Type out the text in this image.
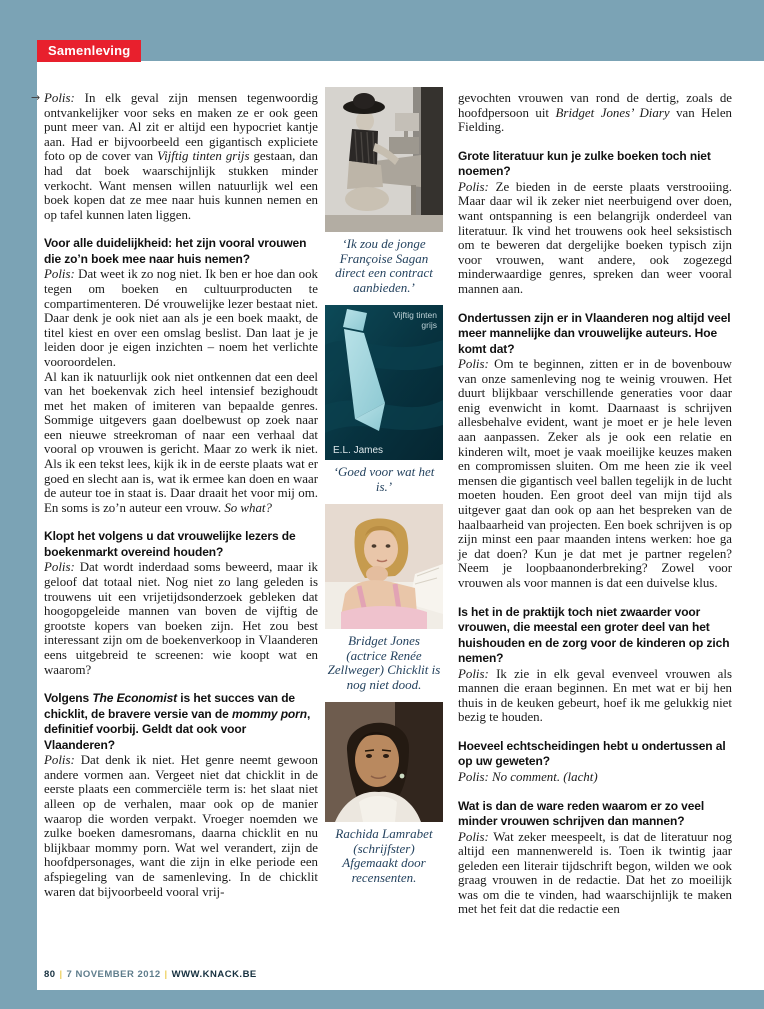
Samenleving

→ Polis: In elk geval zijn mensen tegenwoordig ontvankelijker voor seks en maken ze er ook geen punt meer van. Al zit er altijd een hypocriet kantje aan. Had er bijvoorbeeld een gigantisch expliciete foto op de cover van Vijftig tinten grijs gestaan, dan had dat boek waarschijnlijk stukken minder verkocht. Want mensen willen natuurlijk wel een boek kopen dat ze mee naar huis kunnen nemen en op tafel kunnen laten liggen.

Voor alle duidelijkheid: het zijn vooral vrouwen die zo’n boek mee naar huis nemen?

Polis: Dat weet ik zo nog niet. Ik ben er hoe dan ook tegen om boeken en cultuurproducten te compartimenteren. Dé vrouwelijke lezer bestaat niet. Daar denk je ook niet aan als je een boek maakt, de titel kiest en over een omslag beslist. Dan laat je je leiden door je eigen inzichten – noem het verlichte vooroordelen.

Al kan ik natuurlijk ook niet ontkennen dat een deel van het boekenvak zich heel intensief bezighoudt met het maken of imiteren van bepaalde genres. Sommige uitgevers gaan doelbewust op zoek naar een nieuwe streekroman of naar een verhaal dat vooral op vrouwen is gericht. Maar zo werk ik niet. Als ik een tekst lees, kijk ik in de eerste plaats wat er goed en slecht aan is, wat ik ermee kan doen en waar de auteur toe in staat is. Daar draait het voor mij om. En soms is zo’n auteur een vrouw. So what?

Klopt het volgens u dat vrouwelijke lezers de boekenmarkt overeind houden?

Polis: Dat wordt inderdaad soms beweerd, maar ik geloof dat totaal niet. Nog niet zo lang geleden is trouwens uit een vrijetijdsonderzoek gebleken dat hoogopgeleide mannen van boven de vijftig de grootste kopers van boeken zijn. Het zou best interessant zijn om de boekenverkoop in Vlaanderen eens uitgebreid te screenen: wie koopt wat en waarom?

Volgens The Economist is het succes van de chicklit, de bravere versie van de mommy porn, definitief voorbij. Geldt dat ook voor Vlaanderen?

Polis: Dat denk ik niet. Het genre neemt gewoon andere vormen aan. Vergeet niet dat chicklit in de eerste plaats een commerciële term is: het slaat niet alleen op de verhalen, maar ook op de manier waarop die worden verpakt. Vroeger noemden we zulke boeken damesromans, daarna chicklit en nu blijkbaar mommy porn. Wat wel verandert, zijn de hoofdpersonages, want die zijn in elke periode een afspiegeling van de samenleving. In de chicklit waren dat bijvoorbeeld vooral vrij-

‘Ik zou de jonge Françoise Sagan direct een contract aanbieden.’
Vijftig tinten
grijs
E.L. James
‘Goed voor wat het is.’
Bridget Jones (actrice Renée Zellweger) Chicklit is nog niet dood.
Rachida Lamrabet (schrijfster) Afgemaakt door recensenten.

gevochten vrouwen van rond de dertig, zoals de hoofdpersoon uit Bridget Jones’ Diary van Helen Fielding.

Grote literatuur kun je zulke boeken toch niet noemen?

Polis: Ze bieden in de eerste plaats verstrooiing. Maar daar wil ik zeker niet neerbuigend over doen, want ontspanning is een belangrijk onderdeel van literatuur. Ik vind het trouwens ook heel seksistisch om te beweren dat dergelijke boeken typisch zijn voor vrouwen, want andere, ook zogezegd minderwaardige genres, spreken dan weer vooral mannen aan.

Ondertussen zijn er in Vlaanderen nog altijd veel meer mannelijke dan vrouwelijke auteurs. Hoe komt dat?

Polis: Om te beginnen, zitten er in de bovenbouw van onze samenleving nog te weinig vrouwen. Het duurt blijkbaar verschillende generaties voor daar enig evenwicht in komt. Daarnaast is schrijven allesbehalve evident, want je moet er je hele leven aan aanpassen. Zeker als je ook een relatie en kinderen wilt, moet je vaak moeilijke keuzes maken en compromissen sluiten. Om me heen zie ik veel mensen die gigantisch veel ballen tegelijk in de lucht moeten houden. Een groot deel van mijn tijd als uitgever gaat dan ook op aan het bespreken van de haalbaarheid van projecten. Een boek schrijven is op zijn minst een paar maanden intens werken: hoe ga je dat doen? Kun je dat met je partner regelen? Neem je loopbaanonderbreking? Zowel voor vrouwen als voor mannen is dat een duivelse klus.

Is het in de praktijk toch niet zwaarder voor vrouwen, die meestal een groter deel van het huishouden en de zorg voor de kinderen op zich nemen?

Polis: Ik zie in elk geval evenveel vrouwen als mannen die eraan beginnen. En met wat er bij hen thuis in de keuken gebeurt, hoef ik me gelukkig niet bezig te houden.

Hoeveel echtscheidingen hebt u ondertussen al op uw geweten?

Polis: No comment. (lacht)

Wat is dan de ware reden waarom er zo veel minder vrouwen schrijven dan mannen?

Polis: Wat zeker meespeelt, is dat de literatuur nog altijd een mannenwereld is. Toen ik twintig jaar geleden een literair tijdschrift begon, wilden we ook graag vrouwen in de redactie. Dat het zo moeilijk was om die te vinden, had waarschijnlijk te maken met het feit dat die redactie een

80 | 7 NOVEMBER 2012 | WWW.KNACK.BE
